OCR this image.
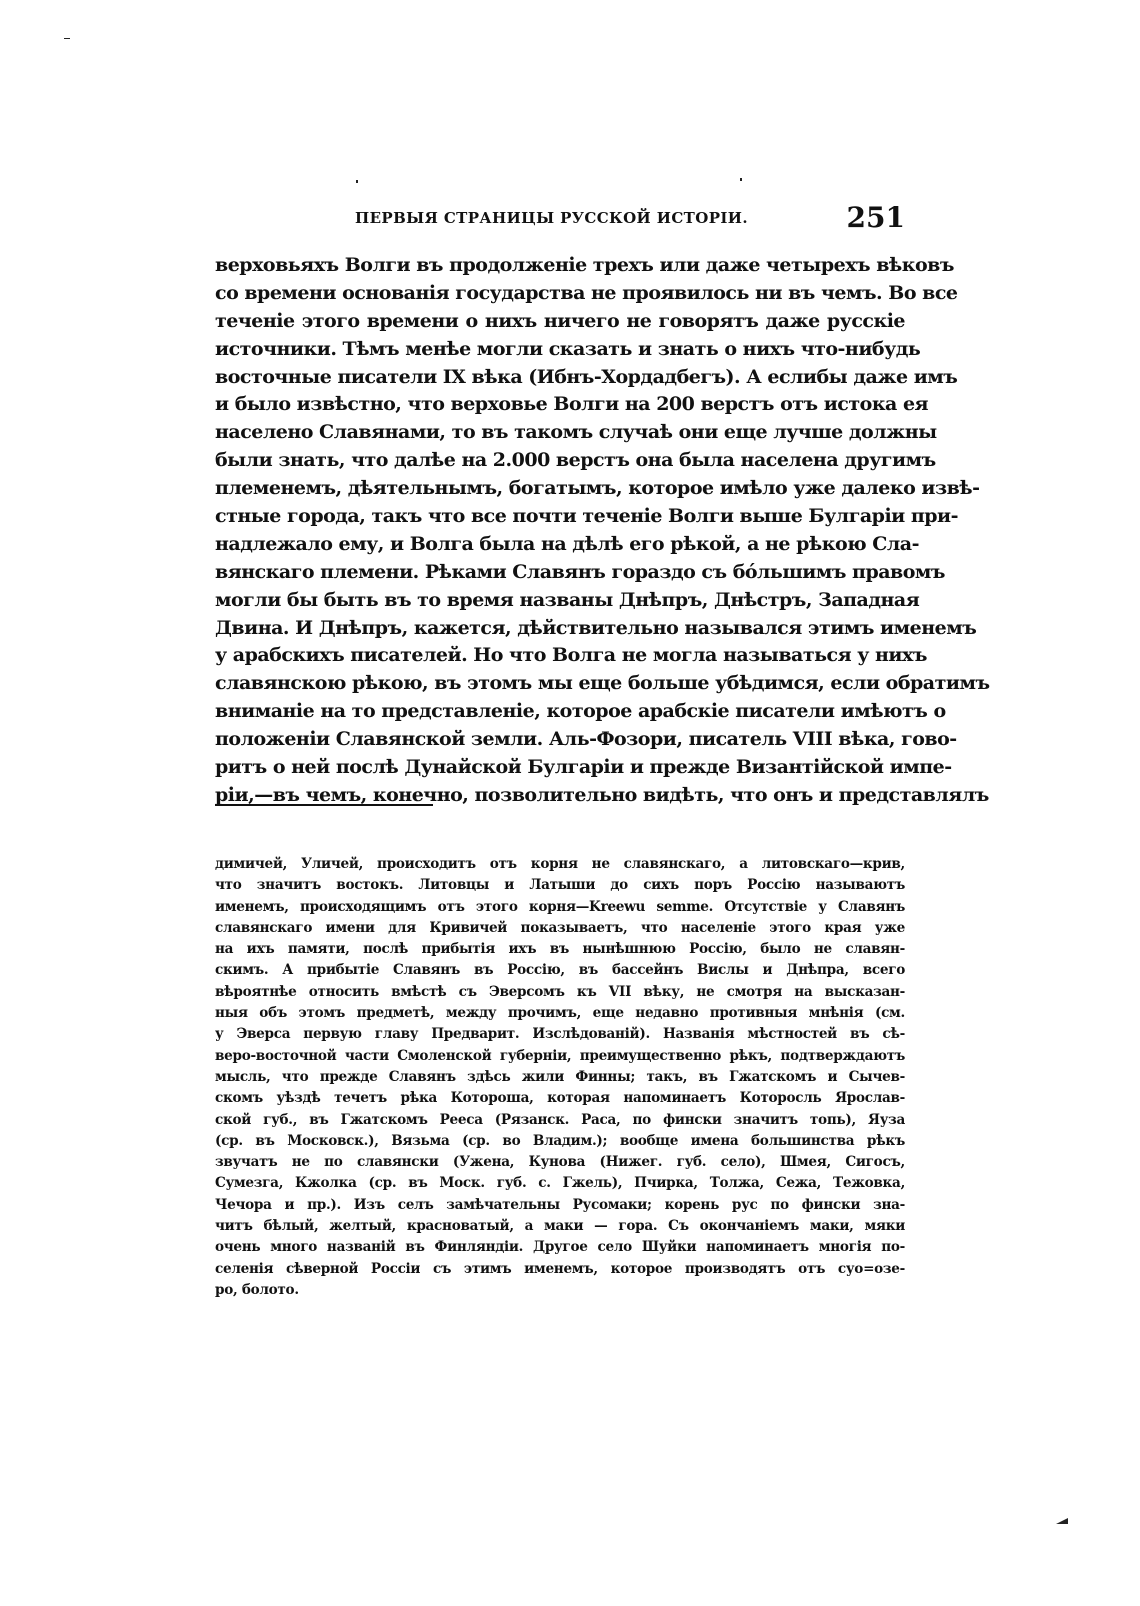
ПЕРВЫЯ СТРАНИЦЫ РУССКОЙ ИСТОРІИ.	251
верховьяхъ Волги въ продолженіе трехъ или даже четырехъ вѣковъ
со времени основанія государства не проявилось ни въ чемъ. Во все
теченіе этого времени о нихъ ничего не говорятъ даже русскіе
источники. Тѣмъ менѣе могли сказать и знать о нихъ что-нибудь
восточные писатели IX вѣка (Ибнъ-Хордадбегъ). А еслибы даже имъ
и было извѣстно, что верховье Волги на 200 верстъ отъ истока ея
населено Славянами, то въ такомъ случаѣ они еще лучше должны
были знать, что далѣе на 2.000 верстъ она была населена другимъ
племенемъ, дѣятельнымъ, богатымъ, которое имѣло уже далеко извѣ-
стные города, такъ что все почти теченіе Волги выше Булгаріи при-
надлежало ему, и Волга была на дѣлѣ его рѣкой, а не рѣкою Сла-
вянскаго племени. Рѣками Славянъ гораздо съ бо́льшимъ правомъ
могли бы быть въ то время названы Днѣпръ, Днѣстръ, Западная
Двина. И Днѣпръ, кажется, дѣйствительно назывался этимъ именемъ
у арабскихъ писателей. Но что Волга не могла называться у нихъ
славянскою рѣкою, въ этомъ мы еще больше убѣдимся, если обратимъ
вниманіе на то представленіе, которое арабскіе писатели имѣютъ о
положеніи Славянской земли. Аль-Фозори, писатель VIII вѣка, гово-
ритъ о ней послѣ Дунайской Булгаріи и прежде Византійской импе-
ріи,—въ чемъ, конечно, позволительно видѣть, что онъ и представлялъ
димичей, Уличей, происходитъ отъ корня не славянскаго, а литовскаго—крив,
что значитъ востокъ. Литовцы и Латыши до сихъ поръ Россію называютъ
именемъ, происходящимъ отъ этого корня—Kreewu semme. Отсутствіе у Славянъ
славянскаго имени для Кривичей показываетъ, что населеніе этого края уже
на ихъ памяти, послѣ прибытія ихъ въ нынѣшнюю Россію, было не славян-
скимъ. А прибытіе Славянъ въ Россію, въ бассейнъ Вислы и Днѣпра, всего
вѣроятнѣе относить вмѣстѣ съ Эверсомъ къ VII вѣку, не смотря на высказан-
ныя объ этомъ предметѣ, между прочимъ, еще недавно противныя мнѣнія (см.
у Эверса первую главу Предварит. Изслѣдованій). Названія мѣстностей въ сѣ-
веро-восточной части Смоленской губерніи, преимущественно рѣкъ, подтверждаютъ
мысль, что прежде Славянъ здѣсь жили Финны; такъ, въ Гжатскомъ и Сычев-
скомъ уѣздѣ течетъ рѣка Котороша, которая напоминаетъ Которосль Ярослав-
ской губ., въ Гжатскомъ Рееса (Рязанск. Раса, по фински значитъ топь), Яуза
(ср. въ Московск.), Вязьма (ср. во Владим.); вообще имена большинства рѣкъ
звучатъ не по славянски (Ужена, Кунова (Нижег. губ. село), Шмея, Сигосъ,
Сумезга, Кжолка (ср. въ Моск. губ. с. Гжель), Пчирка, Толжа, Сежа, Тежовка,
Чечора и пр.). Изъ селъ замѣчательны Русомаки; корень рус по фински зна-
читъ бѣлый, желтый, красноватый, а маки — гора. Съ окончаніемъ маки, мяки
очень много названій въ Финляндіи. Другое село Шуйки напоминаетъ многія по-
селенія сѣверной Россіи съ этимъ именемъ, которое производятъ отъ суо=озе-
ро, болото.
